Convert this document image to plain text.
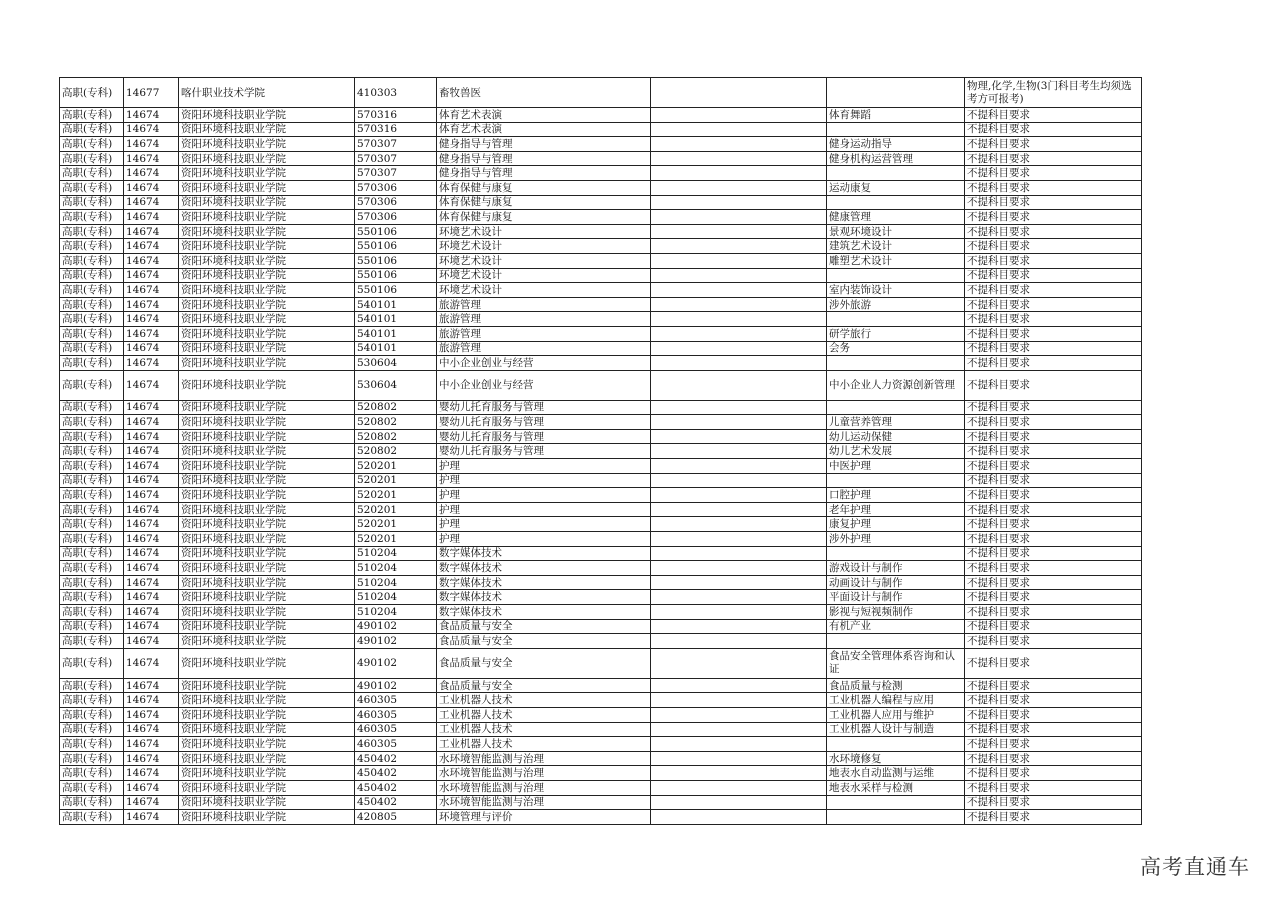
高职(专科)	14677	喀什职业技术学院	410303	畜牧兽医			物理,化学,生物(3门科目考生均须选考方可报考)
高职(专科)	14674	资阳环境科技职业学院	570316	体育艺术表演		体育舞蹈	不提科目要求
高职(专科)	14674	资阳环境科技职业学院	570316	体育艺术表演			不提科目要求
高职(专科)	14674	资阳环境科技职业学院	570307	健身指导与管理		健身运动指导	不提科目要求
高职(专科)	14674	资阳环境科技职业学院	570307	健身指导与管理		健身机构运营管理	不提科目要求
高职(专科)	14674	资阳环境科技职业学院	570307	健身指导与管理			不提科目要求
高职(专科)	14674	资阳环境科技职业学院	570306	体育保健与康复		运动康复	不提科目要求
高职(专科)	14674	资阳环境科技职业学院	570306	体育保健与康复			不提科目要求
高职(专科)	14674	资阳环境科技职业学院	570306	体育保健与康复		健康管理	不提科目要求
高职(专科)	14674	资阳环境科技职业学院	550106	环境艺术设计		景观环境设计	不提科目要求
高职(专科)	14674	资阳环境科技职业学院	550106	环境艺术设计		建筑艺术设计	不提科目要求
高职(专科)	14674	资阳环境科技职业学院	550106	环境艺术设计		雕塑艺术设计	不提科目要求
高职(专科)	14674	资阳环境科技职业学院	550106	环境艺术设计			不提科目要求
高职(专科)	14674	资阳环境科技职业学院	550106	环境艺术设计		室内装饰设计	不提科目要求
高职(专科)	14674	资阳环境科技职业学院	540101	旅游管理		涉外旅游	不提科目要求
高职(专科)	14674	资阳环境科技职业学院	540101	旅游管理			不提科目要求
高职(专科)	14674	资阳环境科技职业学院	540101	旅游管理		研学旅行	不提科目要求
高职(专科)	14674	资阳环境科技职业学院	540101	旅游管理		会务	不提科目要求
高职(专科)	14674	资阳环境科技职业学院	530604	中小企业创业与经营			不提科目要求
高职(专科)	14674	资阳环境科技职业学院	530604	中小企业创业与经营		中小企业人力资源创新管理	不提科目要求
高职(专科)	14674	资阳环境科技职业学院	520802	婴幼儿托育服务与管理			不提科目要求
高职(专科)	14674	资阳环境科技职业学院	520802	婴幼儿托育服务与管理		儿童营养管理	不提科目要求
高职(专科)	14674	资阳环境科技职业学院	520802	婴幼儿托育服务与管理		幼儿运动保健	不提科目要求
高职(专科)	14674	资阳环境科技职业学院	520802	婴幼儿托育服务与管理		幼儿艺术发展	不提科目要求
高职(专科)	14674	资阳环境科技职业学院	520201	护理		中医护理	不提科目要求
高职(专科)	14674	资阳环境科技职业学院	520201	护理			不提科目要求
高职(专科)	14674	资阳环境科技职业学院	520201	护理		口腔护理	不提科目要求
高职(专科)	14674	资阳环境科技职业学院	520201	护理		老年护理	不提科目要求
高职(专科)	14674	资阳环境科技职业学院	520201	护理		康复护理	不提科目要求
高职(专科)	14674	资阳环境科技职业学院	520201	护理		涉外护理	不提科目要求
高职(专科)	14674	资阳环境科技职业学院	510204	数字媒体技术			不提科目要求
高职(专科)	14674	资阳环境科技职业学院	510204	数字媒体技术		游戏设计与制作	不提科目要求
高职(专科)	14674	资阳环境科技职业学院	510204	数字媒体技术		动画设计与制作	不提科目要求
高职(专科)	14674	资阳环境科技职业学院	510204	数字媒体技术		平面设计与制作	不提科目要求
高职(专科)	14674	资阳环境科技职业学院	510204	数字媒体技术		影视与短视频制作	不提科目要求
高职(专科)	14674	资阳环境科技职业学院	490102	食品质量与安全		有机产业	不提科目要求
高职(专科)	14674	资阳环境科技职业学院	490102	食品质量与安全			不提科目要求
高职(专科)	14674	资阳环境科技职业学院	490102	食品质量与安全		食品安全管理体系咨询和认证	不提科目要求
高职(专科)	14674	资阳环境科技职业学院	490102	食品质量与安全		食品质量与检测	不提科目要求
高职(专科)	14674	资阳环境科技职业学院	460305	工业机器人技术		工业机器人编程与应用	不提科目要求
高职(专科)	14674	资阳环境科技职业学院	460305	工业机器人技术		工业机器人应用与维护	不提科目要求
高职(专科)	14674	资阳环境科技职业学院	460305	工业机器人技术		工业机器人设计与制造	不提科目要求
高职(专科)	14674	资阳环境科技职业学院	460305	工业机器人技术			不提科目要求
高职(专科)	14674	资阳环境科技职业学院	450402	水环境智能监测与治理		水环境修复	不提科目要求
高职(专科)	14674	资阳环境科技职业学院	450402	水环境智能监测与治理		地表水自动监测与运维	不提科目要求
高职(专科)	14674	资阳环境科技职业学院	450402	水环境智能监测与治理		地表水采样与检测	不提科目要求
高职(专科)	14674	资阳环境科技职业学院	450402	水环境智能监测与治理			不提科目要求
高职(专科)	14674	资阳环境科技职业学院	420805	环境管理与评价			不提科目要求
高考直通车
